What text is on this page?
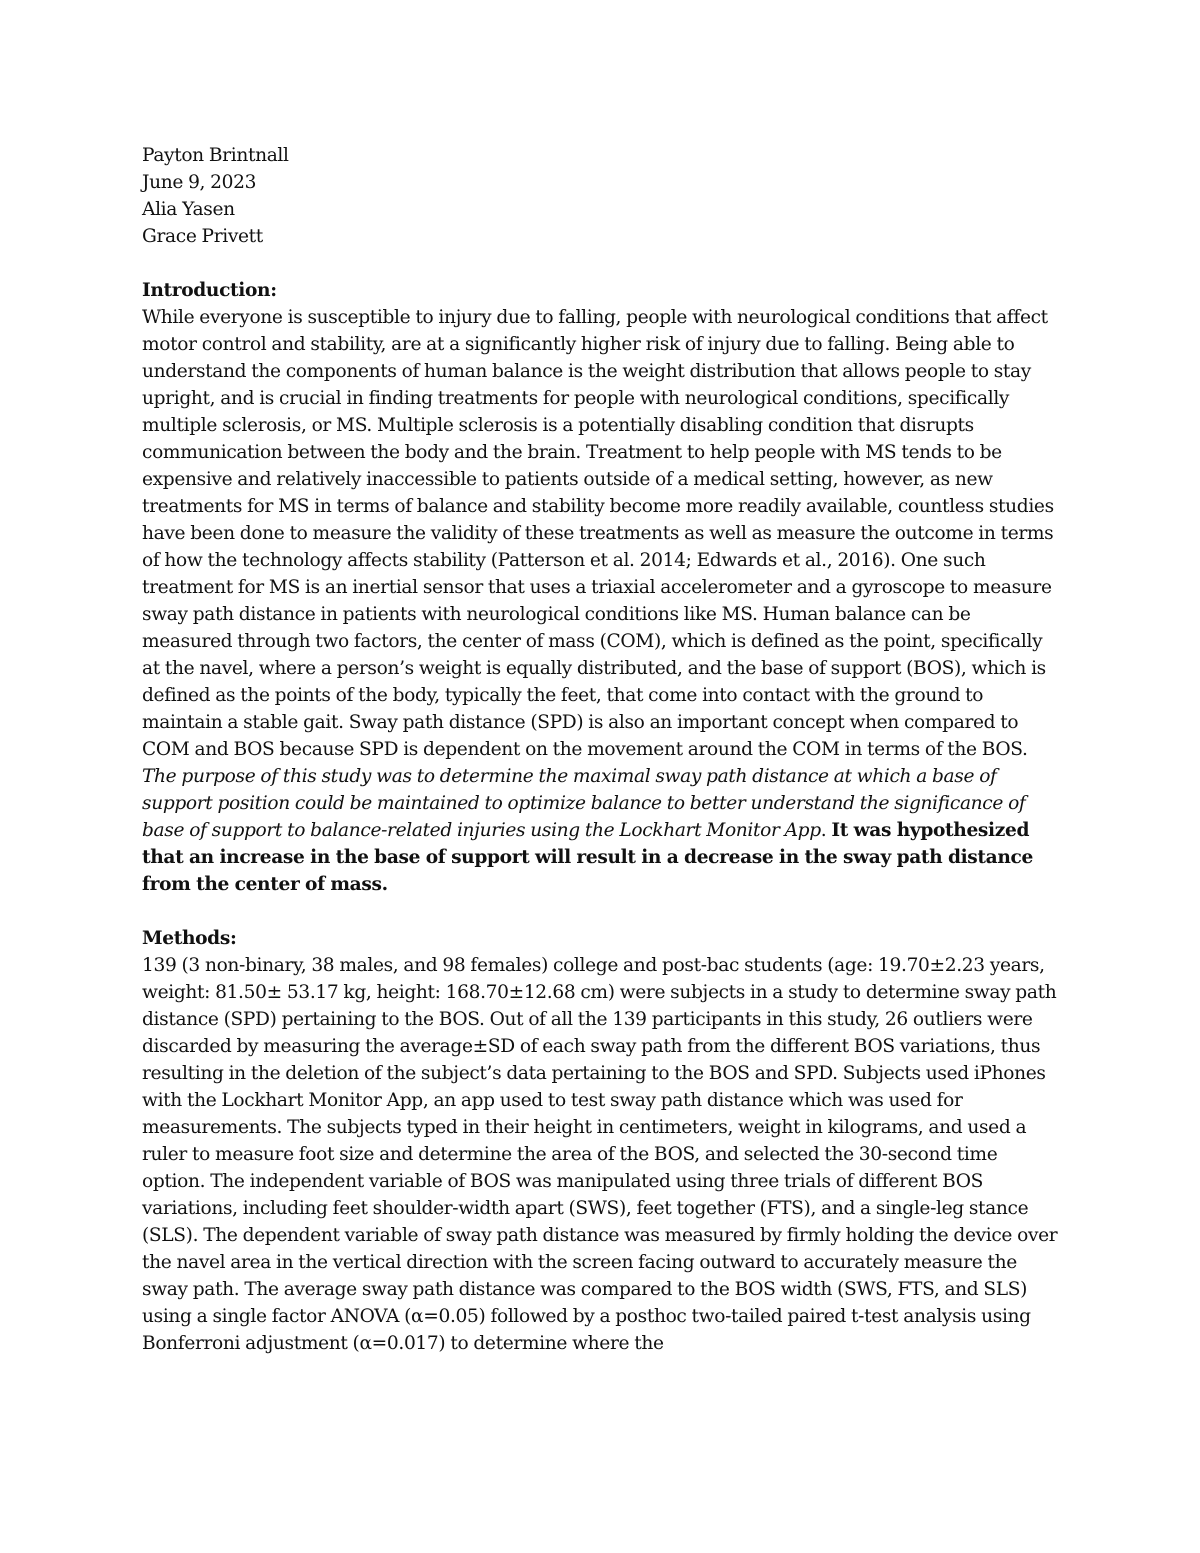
Payton Brintnall
June 9, 2023
Alia Yasen
Grace Privett
Introduction:
While everyone is susceptible to injury due to falling, people with neurological conditions that affect motor control and stability, are at a significantly higher risk of injury due to falling. Being able to understand the components of human balance is the weight distribution that allows people to stay upright, and is crucial in finding treatments for people with neurological conditions, specifically multiple sclerosis, or MS. Multiple sclerosis is a potentially disabling condition that disrupts communication between the body and the brain. Treatment to help people with MS tends to be expensive and relatively inaccessible to patients outside of a medical setting, however, as new treatments for MS in terms of balance and stability become more readily available, countless studies have been done to measure the validity of these treatments as well as measure the outcome in terms of how the technology affects stability (Patterson et al. 2014; Edwards et al., 2016). One such treatment for MS is an inertial sensor that uses a triaxial accelerometer and a gyroscope to measure sway path distance in patients with neurological conditions like MS. Human balance can be measured through two factors, the center of mass (COM), which is defined as the point, specifically at the navel, where a person’s weight is equally distributed, and the base of support (BOS), which is defined as the points of the body, typically the feet, that come into contact with the ground to maintain a stable gait. Sway path distance (SPD) is also an important concept when compared to COM and BOS because SPD is dependent on the movement around the COM in terms of the BOS. The purpose of this study was to determine the maximal sway path distance at which a base of support position could be maintained to optimize balance to better understand the significance of base of support to balance-related injuries using the Lockhart Monitor App. It was hypothesized that an increase in the base of support will result in a decrease in the sway path distance from the center of mass.
Methods:
139 (3 non-binary, 38 males, and 98 females) college and post-bac students (age: 19.70±2.23 years, weight: 81.50± 53.17 kg, height: 168.70±12.68 cm) were subjects in a study to determine sway path distance (SPD) pertaining to the BOS. Out of all the 139 participants in this study, 26 outliers were discarded by measuring the average±SD of each sway path from the different BOS variations, thus resulting in the deletion of the subject’s data pertaining to the BOS and SPD. Subjects used iPhones with the Lockhart Monitor App, an app used to test sway path distance which was used for measurements. The subjects typed in their height in centimeters, weight in kilograms, and used a ruler to measure foot size and determine the area of the BOS, and selected the 30-second time option. The independent variable of BOS was manipulated using three trials of different BOS variations, including feet shoulder-width apart (SWS), feet together (FTS), and a single-leg stance (SLS). The dependent variable of sway path distance was measured by firmly holding the device over the navel area in the vertical direction with the screen facing outward to accurately measure the sway path. The average sway path distance was compared to the BOS width (SWS, FTS, and SLS) using a single factor ANOVA (α=0.05) followed by a posthoc two-tailed paired t-test analysis using Bonferroni adjustment (α=0.017) to determine where the
